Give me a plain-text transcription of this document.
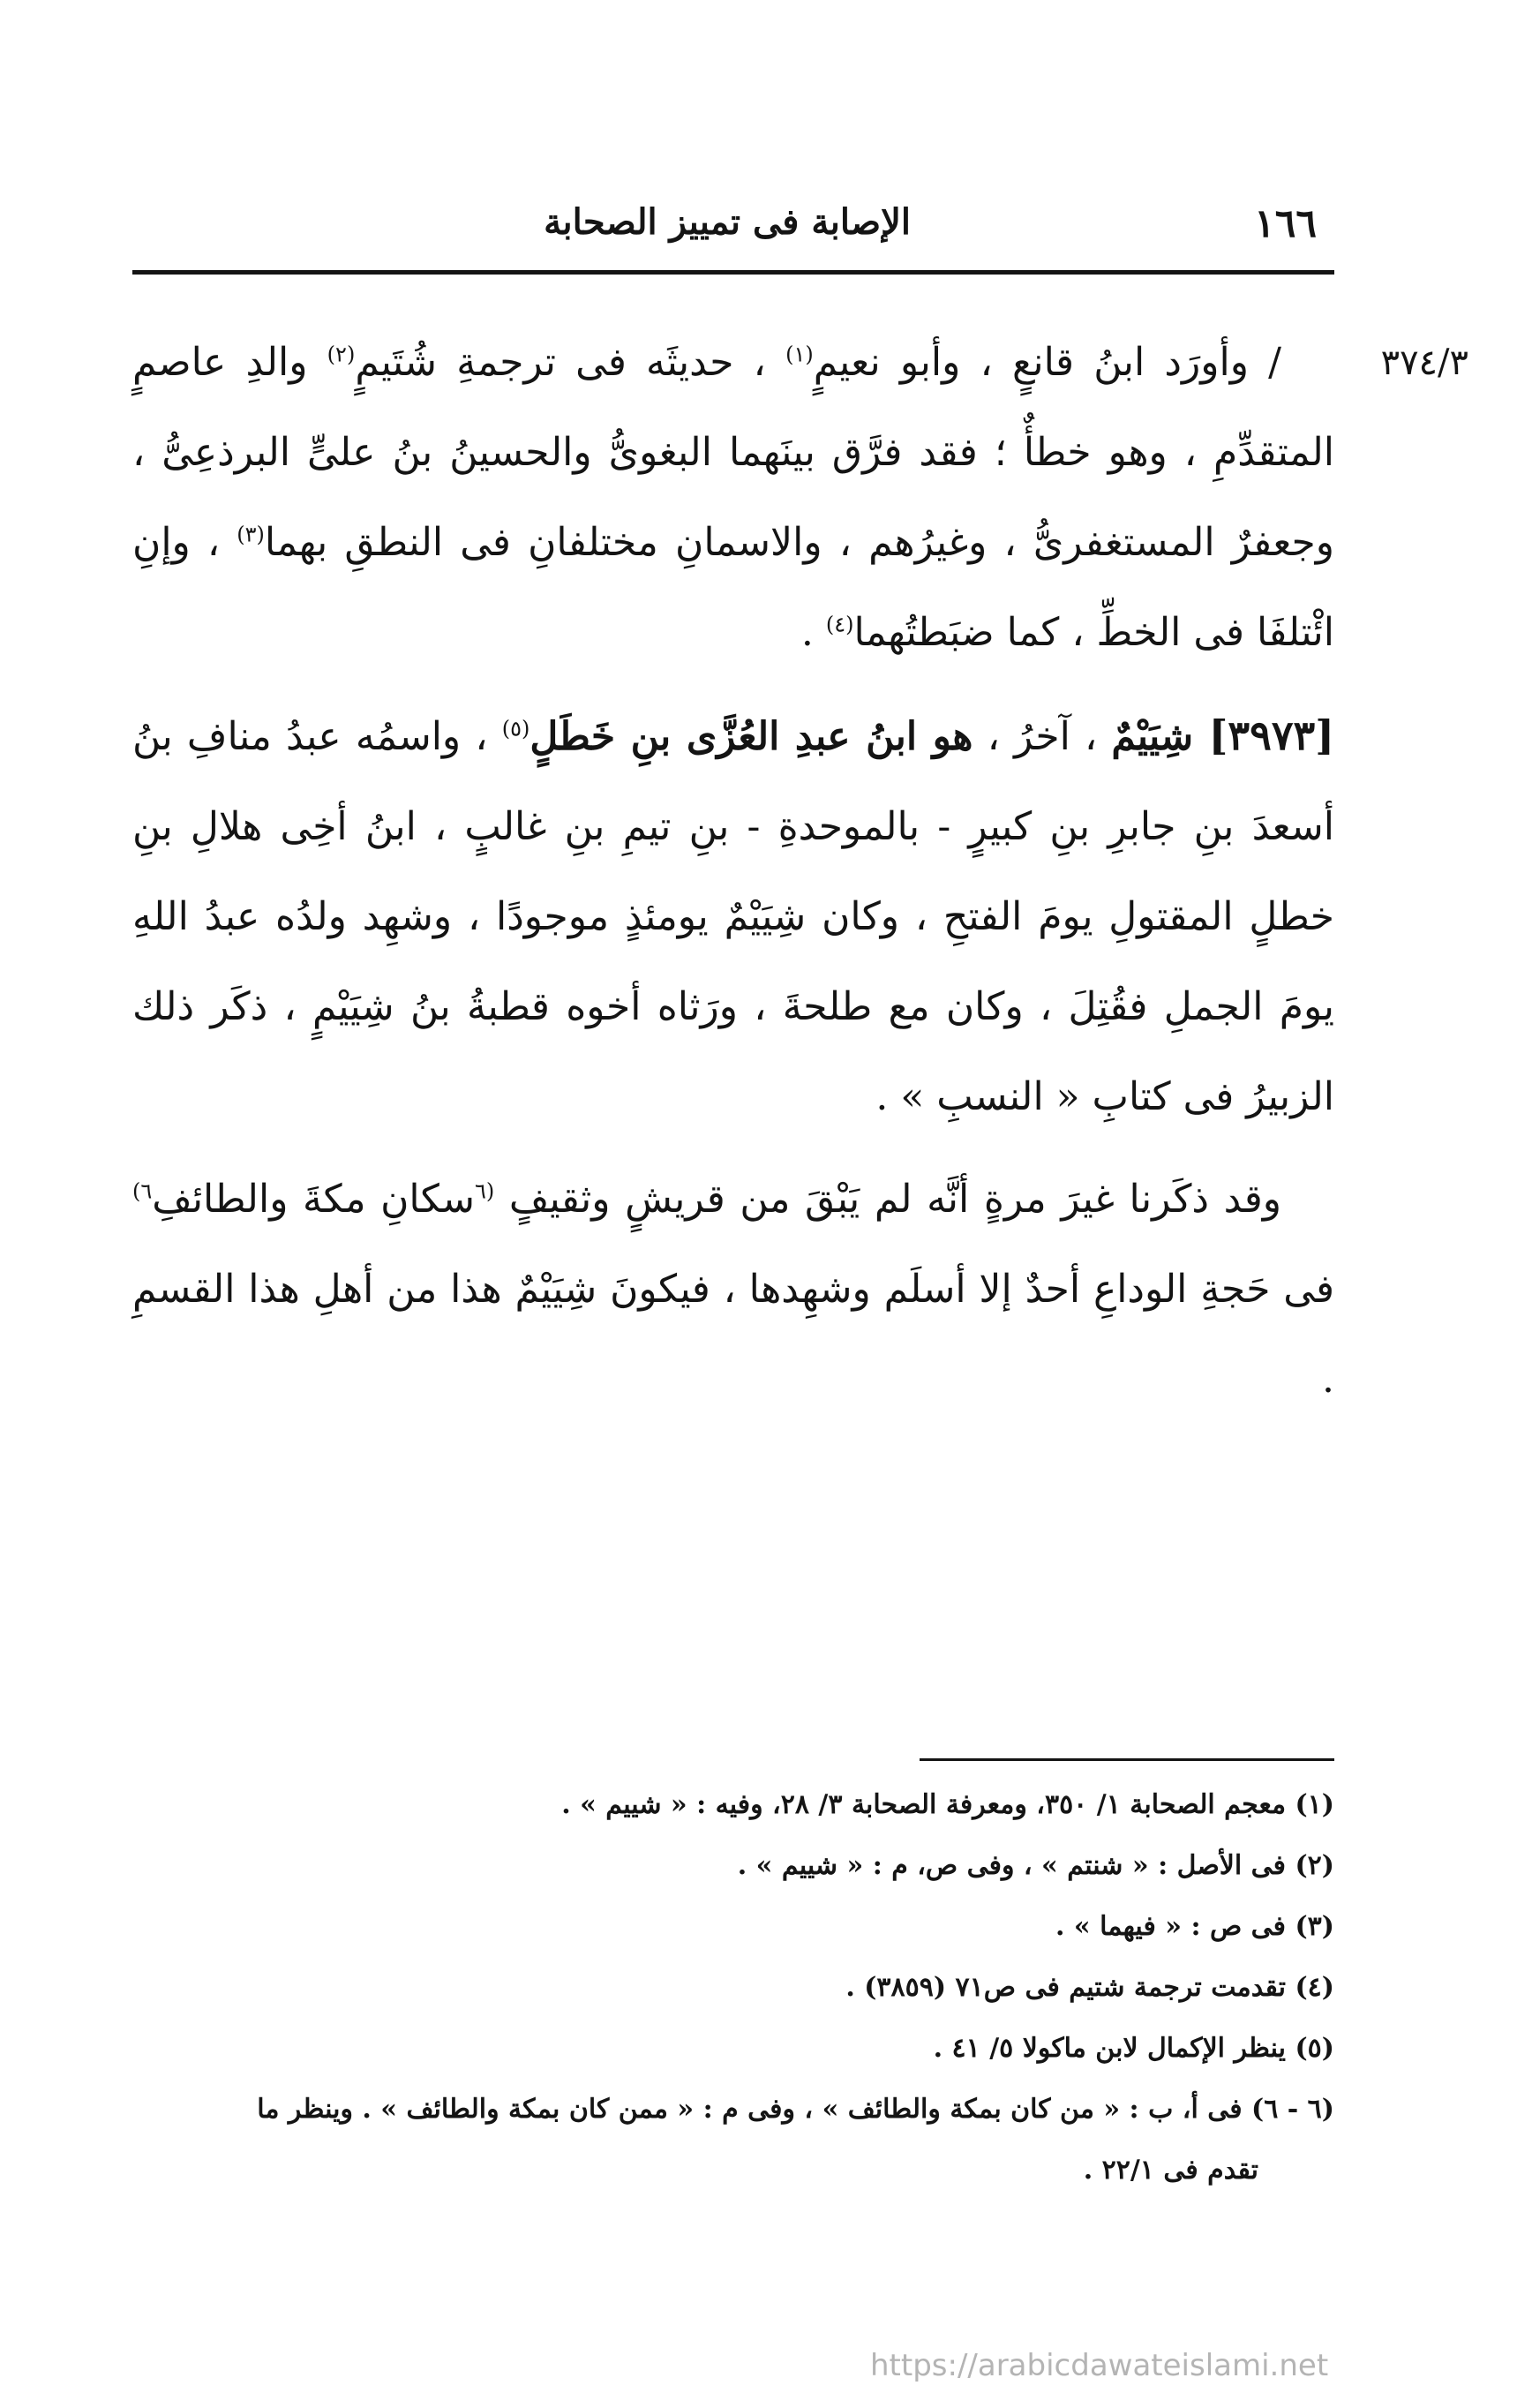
١٦٦
الإصابة فى تمييز الصحابة
٣٧٤/٣

/ وأورَد ابنُ قانعٍ ، وأبو نعيمٍ$^{(١)}$ ، حديثَه فى ترجمةِ شُتَيمٍ$^{(٢)}$ والدِ عاصمٍ المتقدِّمِ ، وهو خطأٌ ؛ فقد فرَّق بينَهما البغوىُّ والحسينُ بنُ علىٍّ البرذعِىُّ ، وجعفرٌ المستغفرىُّ ، وغيرُهم ، والاسمانِ مختلفانِ فى النطقِ بهما$^{(٣)}$ ، وإنِ ائْتلفَا فى الخطِّ ، كما ضبَطتُهما$^{(٤)}$ .

[٣٩٧٣] شِيَيْمٌ ، آخرُ ، هو ابنُ عبدِ العُزَّى بنِ خَطَلٍ$^{(٥)}$ ، واسمُه عبدُ منافِ بنُ أسعدَ بنِ جابرِ بنِ كبيرٍ - بالموحدةِ - بنِ تيمِ بنِ غالبٍ ، ابنُ أخِى هلالِ بنِ خطلٍ المقتولِ يومَ الفتحِ ، وكان شِيَيْمٌ يومئذٍ موجودًا ، وشهِد ولدُه عبدُ اللهِ يومَ الجملِ فقُتِلَ ، وكان مع طلحةَ ، ورَثاه أخوه قطبةُ بنُ شِيَيْمٍ ، ذكَر ذلك الزبيرُ فى كتابِ « النسبِ » .

وقد ذكَرنا غيرَ مرةٍ أنَّه لم يَبْقَ من قريشٍ وثقيفٍ $^{(٦}$سكانِ مكةَ والطائفِ$^{٦)}$ فى حَجةِ الوداعِ أحدٌ إلا أسلَم وشهِدها ، فيكونَ شِيَيْمٌ هذا من أهلِ هذا القسمِ .

(١) معجم الصحابة ١/ ٣٥٠، ومعرفة الصحابة ٣/ ٢٨، وفيه : « شييم » .

(٢) فى الأصل : « شنتم » ، وفى ص، م : « شييم » .

(٣) فى ص : « فيهما » .

(٤) تقدمت ترجمة شتيم فى ص٧١ (٣٨٥٩) .

(٥) ينظر الإكمال لابن ماكولا ٥/ ٤١ .

(٦ - ٦) فى أ، ب : « من كان بمكة والطائف » ، وفى م : « ممن كان بمكة والطائف » . وينظر ما

تقدم فى ٢٢/١ .

https://arabicdawateislami.net
